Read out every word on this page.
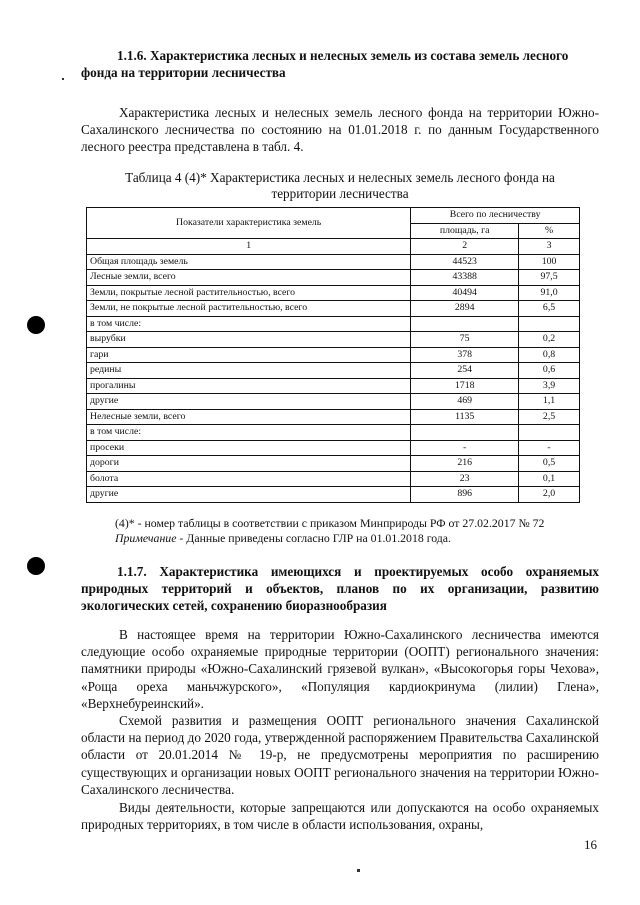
1.1.6. Характеристика лесных и нелесных земель из состава земель лесного фонда на территории лесничества
Характеристика лесных и нелесных земель лесного фонда на территории Южно-Сахалинского лесничества по состоянию на 01.01.2018 г. по данным Государственного лесного реестра представлена в табл. 4.
Таблица 4 (4)* Характеристика лесных и нелесных земель лесного фонда на территории лесничества
Показатели характеристика земель	Всего по лесничеству	
	площадь, га	%
1	2	3
Общая площадь земель	44523	100
Лесные земли, всего	43388	97,5
Земли, покрытые лесной растительностью, всего	40494	91,0
Земли, не покрытые лесной растительностью, всего	2894	6,5
в том числе:		
вырубки	75	0,2
гари	378	0,8
редины	254	0,6
прогалины	1718	3,9
другие	469	1,1
Нелесные земли, всего	1135	2,5
в том числе:		
просеки	-	-
дороги	216	0,5
болота	23	0,1
другие	896	2,0
(4)* - номер таблицы в соответствии с приказом Минприроды РФ от 27.02.2017 № 72
Примечание - Данные приведены согласно ГЛР на 01.01.2018 года.
1.1.7. Характеристика имеющихся и проектируемых особо охраняемых природных территорий и объектов, планов по их организации, развитию экологических сетей, сохранению биоразнообразия
В настоящее время на территории Южно-Сахалинского лесничества имеются следующие особо охраняемые природные территории (ООПТ) регионального значения: памятники природы «Южно-Сахалинский грязевой вулкан», «Высокогорья горы Чехова», «Роща ореха маньчжурского», «Популяция кардиокринума (лилии) Глена», «Верхнебуреинский».
Схемой развития и размещения ООПТ регионального значения Сахалинской области на период до 2020 года, утвержденной распоряжением Правительства Сахалинской области от 20.01.2014 № 19-р, не предусмотрены мероприятия по расширению существующих и организации новых ООПТ регионального значения на территории Южно-Сахалинского лесничества.
Виды деятельности, которые запрещаются или допускаются на особо охраняемых природных территориях, в том числе в области использования, охраны,
16
